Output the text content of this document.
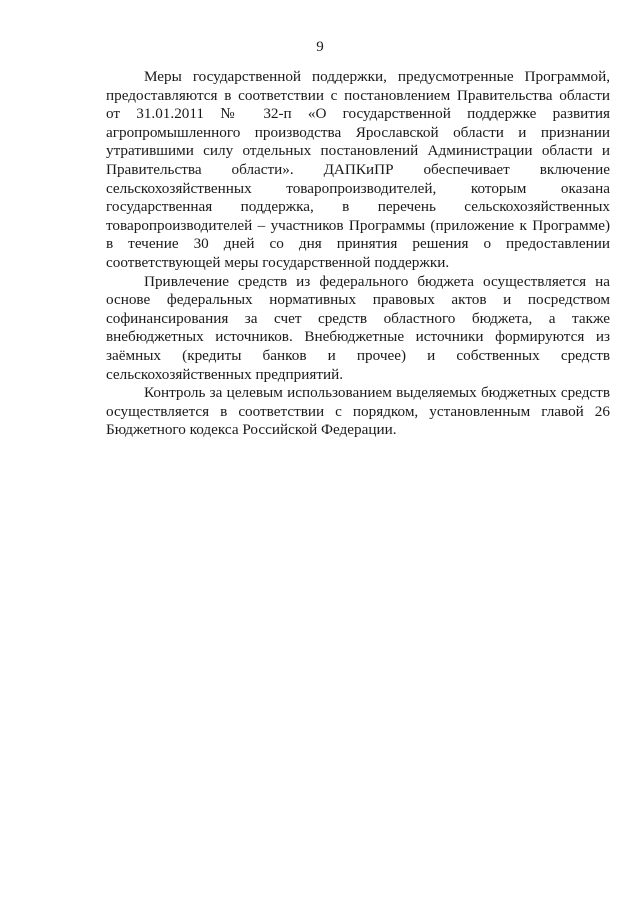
9

Меры государственной поддержки, предусмотренные Программой, предоставляются в соответствии с постановлением Правительства области от 31.01.2011 № 32-п «О государственной поддержке развития агропромышленного производства Ярославской области и признании утратившими силу отдельных постановлений Администрации области и Правительства области». ДАПКиПР обеспечивает включение сельскохозяйственных товаропроизводителей, которым оказана государственная поддержка, в перечень сельскохозяйственных товаропроизводителей – участников Программы (приложение к Программе) в течение 30 дней со дня принятия решения о предоставлении соответствующей меры государственной поддержки.

Привлечение средств из федерального бюджета осуществляется на основе федеральных нормативных правовых актов и посредством софинансирования за счет средств областного бюджета, а также внебюджетных источников. Внебюджетные источники формируются из заёмных (кредиты банков и прочее) и собственных средств сельскохозяйственных предприятий.

Контроль за целевым использованием выделяемых бюджетных средств осуществляется в соответствии с порядком, установленным главой 26 Бюджетного кодекса Российской Федерации.
